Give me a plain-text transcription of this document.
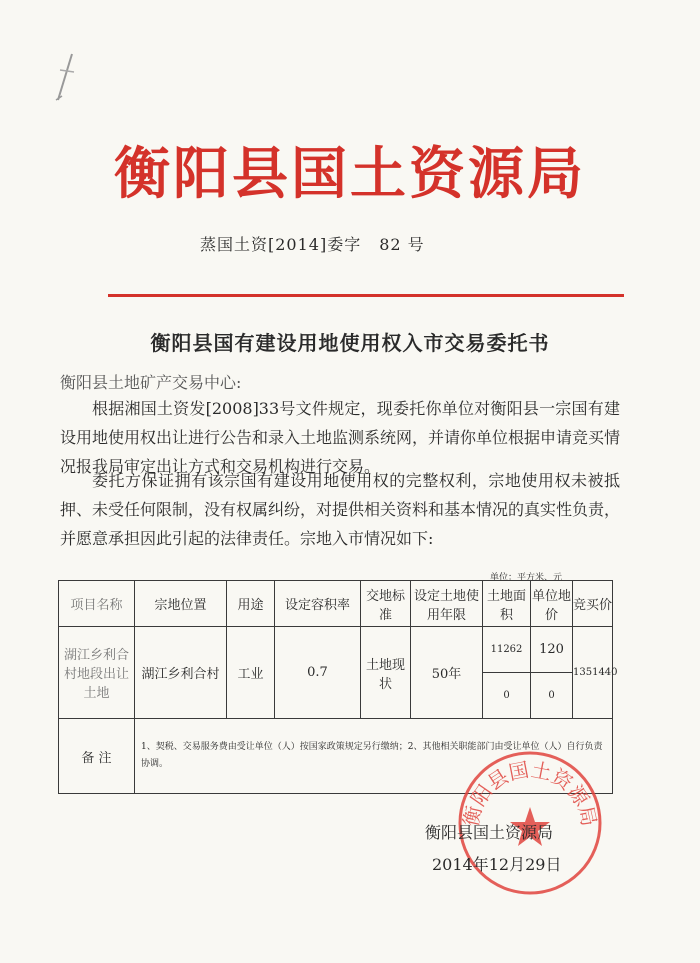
衡阳县国土资源局
蒸国土资[2014]委字 82 号
衡阳县国有建设用地使用权入市交易委托书
衡阳县土地矿产交易中心:
根据湘国土资发[2008]33号文件规定，现委托你单位对衡阳县一宗国有建设用地使用权出让进行公告和录入土地监测系统网，并请你单位根据申请竞买情况报我局审定出让方式和交易机构进行交易。
委托方保证拥有该宗国有建设用地使用权的完整权利，宗地使用权未被抵押、未受任何限制，没有权属纠纷，对提供相关资料和基本情况的真实性负责，并愿意承担因此引起的法律责任。宗地入市情况如下:
单位：平方米、元
项目名称	宗地位置	用途	设定容积率	交地标准	设定土地使用年限	土地面积	单位地价	竞买价
湖江乡利合村地段出让土地	湖江乡利合村	工业	0.7	土地现状	50年	11262	120	1351440
						0	0	
备 注	1、契税、交易服务费由受让单位（人）按国家政策规定另行缴纳；2、其他相关职能部门由受让单位（人）自行负责协调。							
衡阳县国土资源局
衡阳县国土资源局
2014年12月29日
